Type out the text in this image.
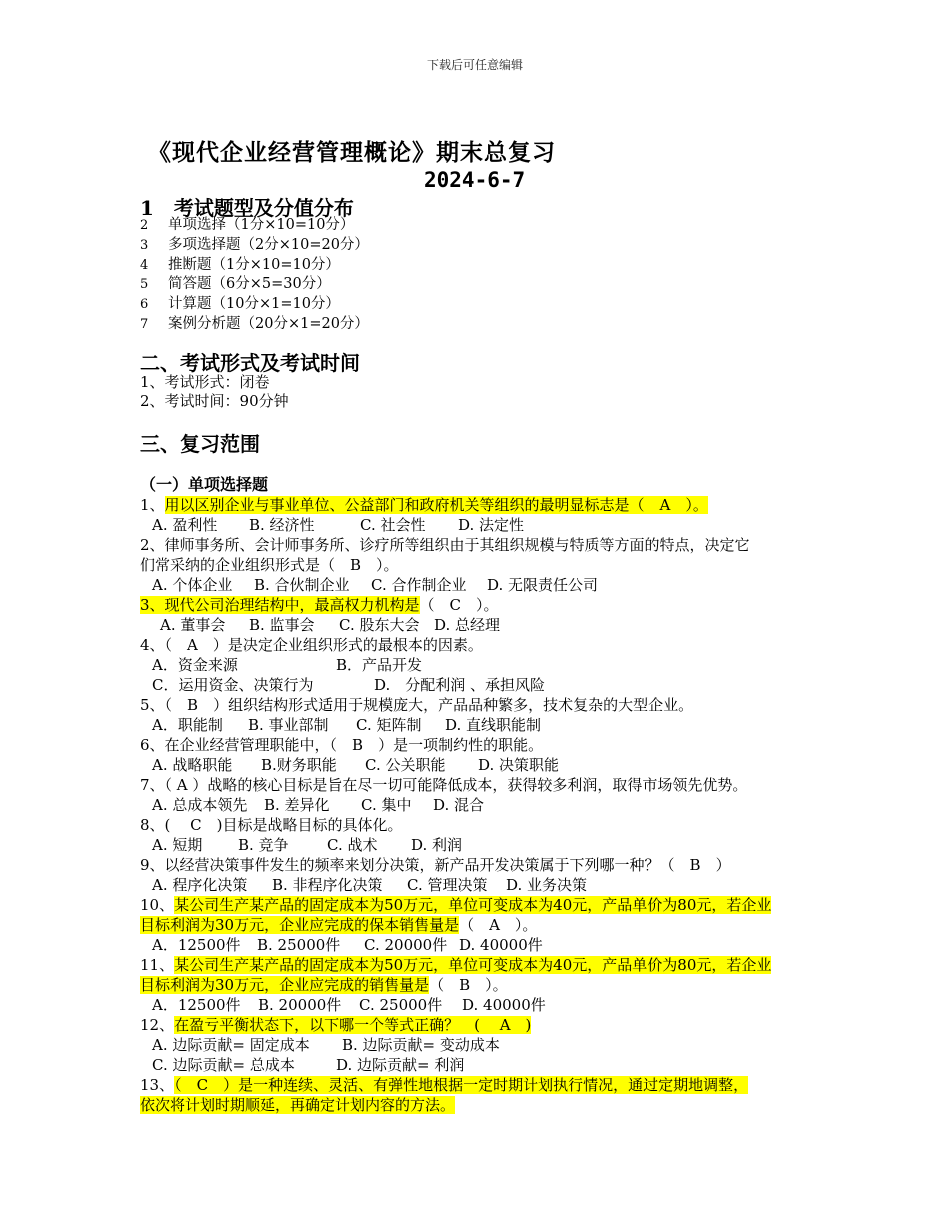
下载后可任意编辑
《现代企业经营管理概论》期末总复习
2024-6-7
1　考试题型及分值分布
2 单项选择（1分×10=10分）
3 多项选择题（2分×10=20分）
4 推断题（1分×10=10分）
5 简答题（6分×5=30分）
6 计算题（10分×1=10分）
7 案例分析题（20分×1=20分）
二、考试形式及考试时间
1、考试形式：闭卷
2、考试时间：90分钟
三、复习范围
（一）单项选择题
1、用以区别企业与事业单位、公益部门和政府机关等组织的最明显标志是（　A　）。
A. 盈利性 B. 经济性	C. 社会性 D. 法定性
2、律师事务所、会计师事务所、诊疗所等组织由于其组织规模与特质等方面的特点，决定它
们常采纳的企业组织形式是（　B　）。
A. 个体企业 B. 合伙制企业 C. 合作制企业 D. 无限责任公司
3、现代公司治理结构中，最高权力机构是（　C　）。
A. 董事会 B. 监事会 C. 股东大会 D. 总经理
4、（　A　）是决定企业组织形式的最根本的因素。
A．资金来源	B．产品开发
C．运用资金、决策行为	D.　分配利润 、承担风险
5、（　B　）组织结构形式适用于规模庞大，产品品种繁多，技术复杂的大型企业。
A．职能制 B. 事业部制 C. 矩阵制 D. 直线职能制
6、在企业经营管理职能中，（　B　）是一项制约性的职能。
A. 战略职能 B.财务职能 C. 公关职能 D. 决策职能
7、（ A ）战略的核心目标是旨在尽一切可能降低成本，获得较多利润，取得市场领先优势。
A. 总成本领先 B. 差异化 C. 集中 D. 混合
8、(　 C　)目标是战略目标的具体化。
A. 短期 B. 竞争	C. 战术 D. 利润
9、以经营决策事件发生的频率来划分决策，新产品开发决策属于下列哪一种？（　B　）
A. 程序化决策 B. 非程序化决策 C. 管理决策 D. 业务决策
10、某公司生产某产品的固定成本为50万元，单位可变成本为40元，产品单价为80元，若企业
目标利润为30万元，企业应完成的保本销售量是（　A　）。
A．12500件 B. 25000件 C. 20000件 D. 40000件
11、某公司生产某产品的固定成本为50万元，单位可变成本为40元，产品单价为80元，若企业
目标利润为30万元，企业应完成的销售量是（　B　）。
A．12500件 B. 20000件 C. 25000件 D. 40000件
12、在盈亏平衡状态下，以下哪一个等式正确？　(　 A　)
A. 边际贡献= 固定成本 B. 边际贡献= 变动成本
C. 边际贡献= 总成本	D. 边际贡献= 利润
13、（　C　）是一种连续、灵活、有弹性地根据一定时期计划执行情况，通过定期地调整，
依次将计划时期顺延，再确定计划内容的方法。
